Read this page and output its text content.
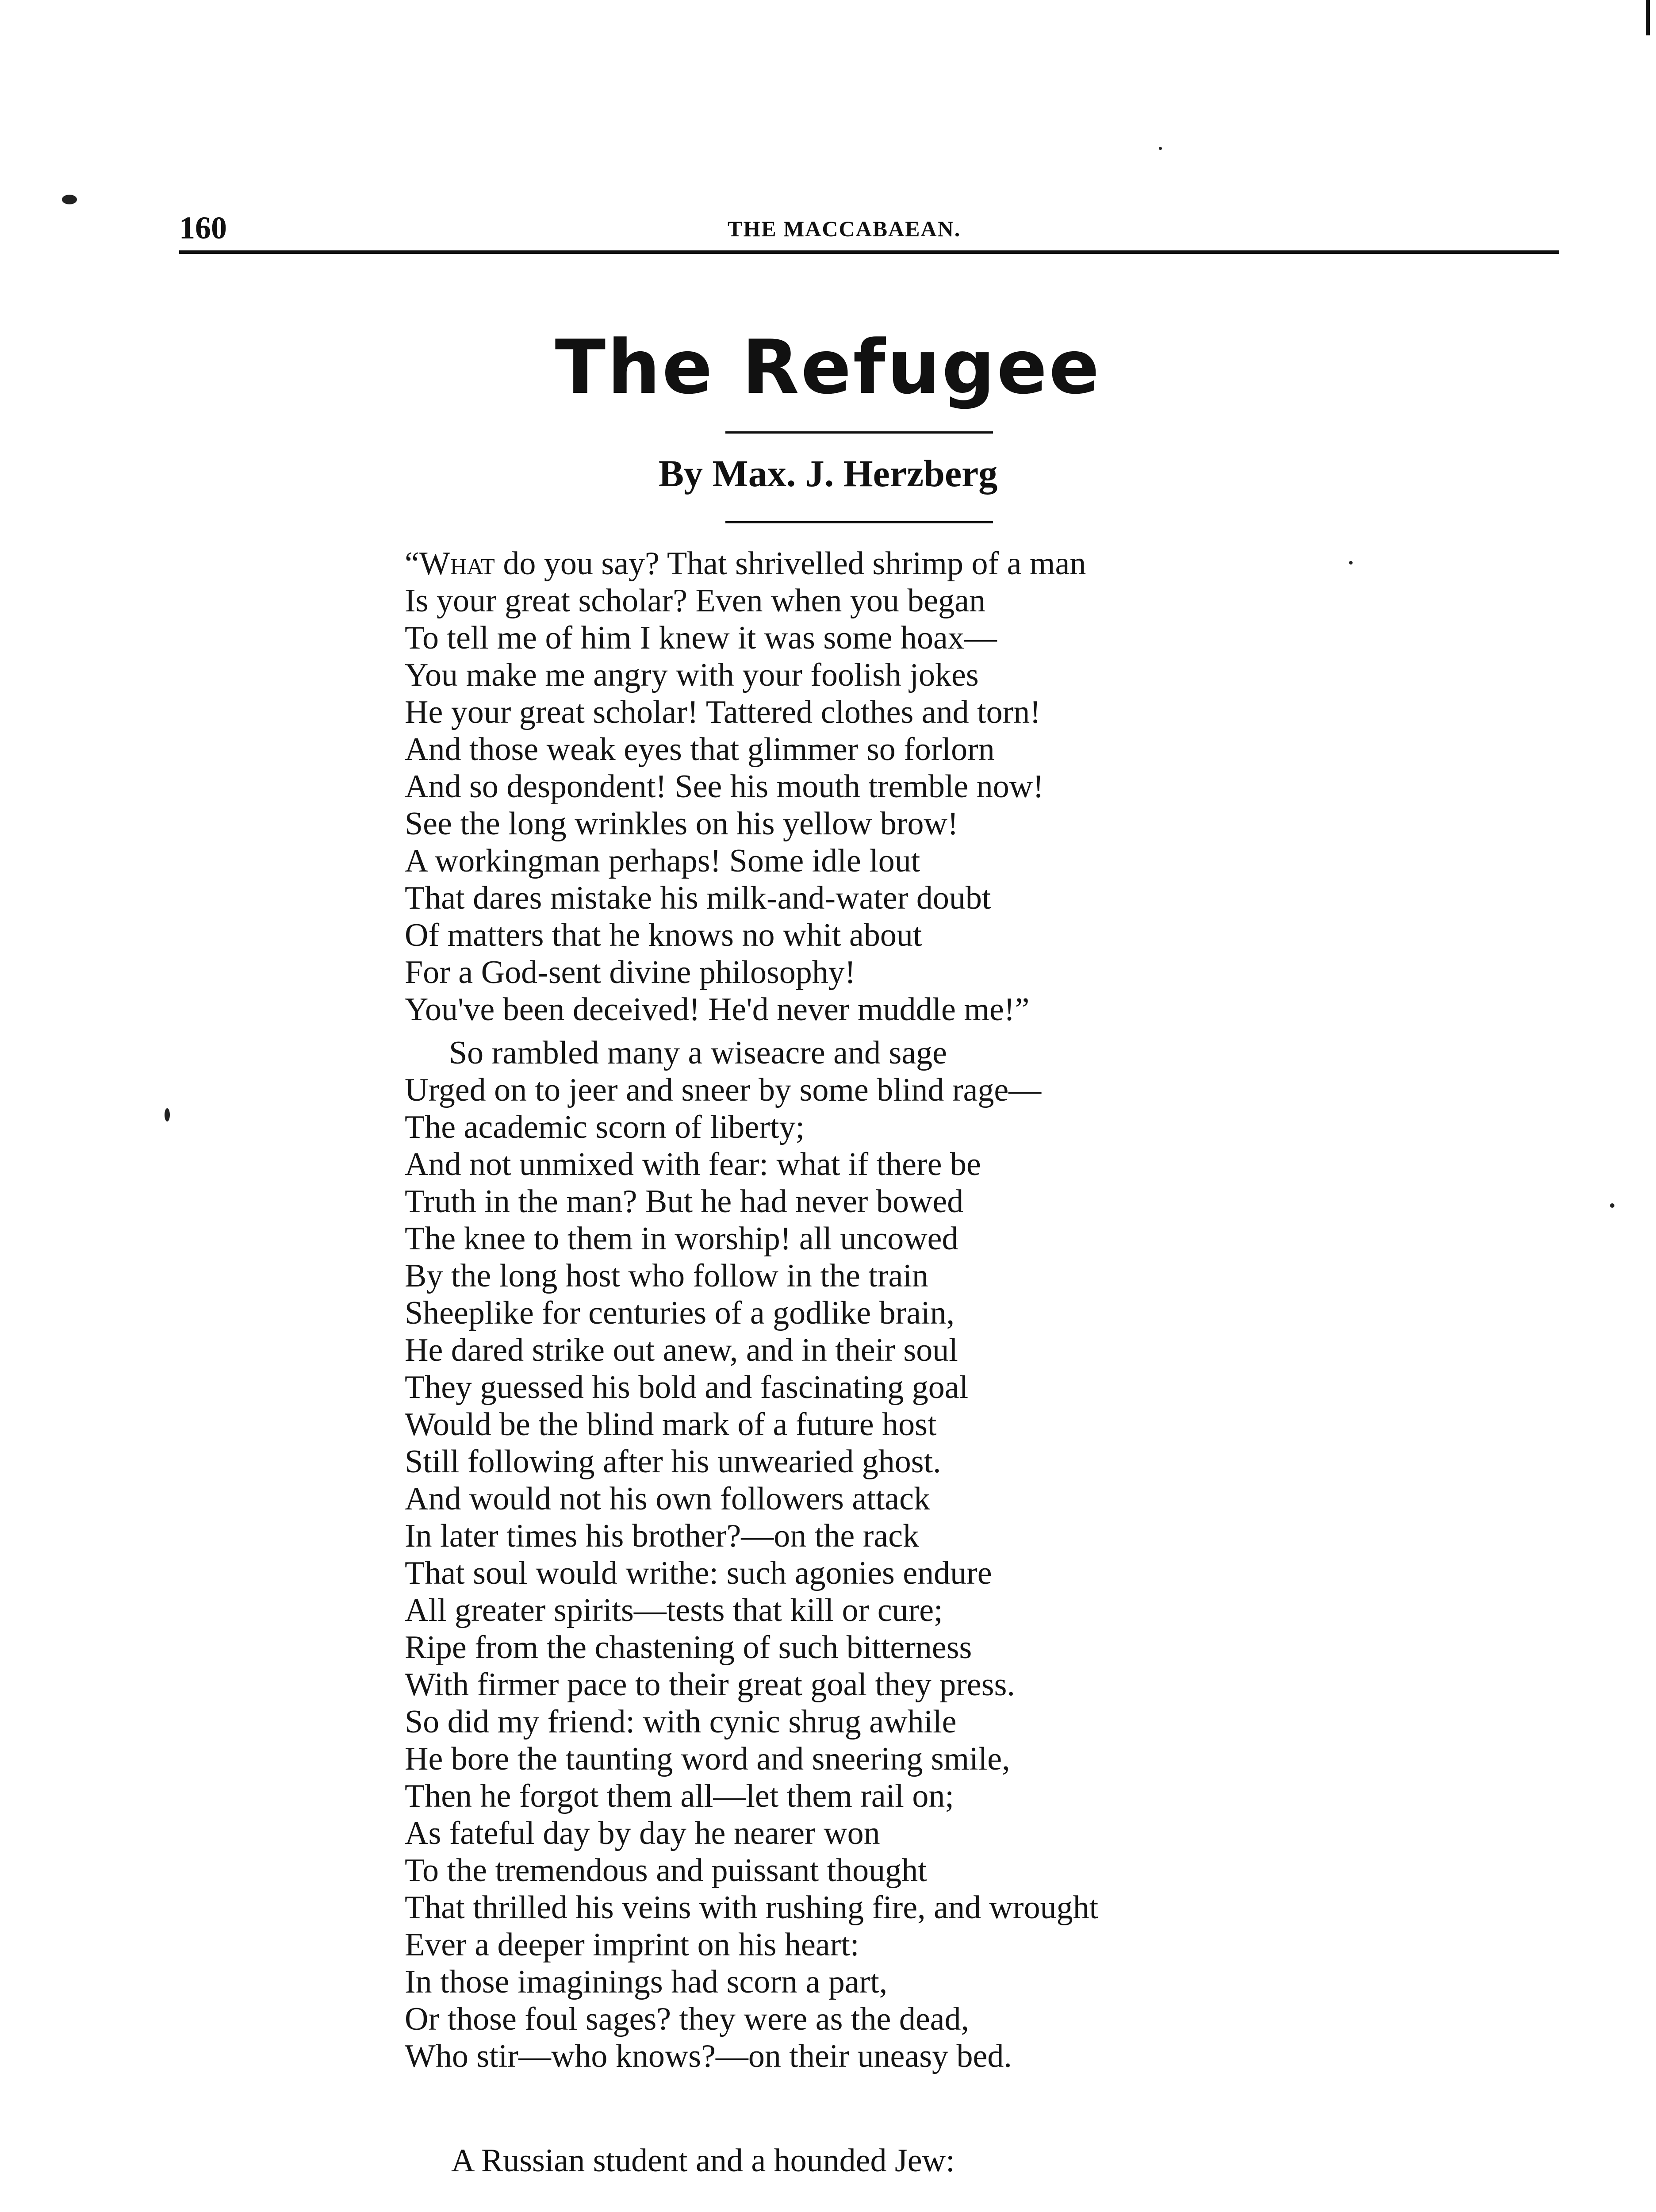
160	THE MACCABAEAN.
The Refugee
By Max. J. Herzberg
“What do you say? That shrivelled shrimp of a man
Is your great scholar? Even when you began
To tell me of him I knew it was some hoax—
You make me angry with your foolish jokes
He your great scholar! Tattered clothes and torn!
And those weak eyes that glimmer so forlorn
And so despondent! See his mouth tremble now!
See the long wrinkles on his yellow brow!
A workingman perhaps! Some idle lout
That dares mistake his milk-and-water doubt
Of matters that he knows no whit about
For a God-sent divine philosophy!
You've been deceived! He'd never muddle me!”
So rambled many a wiseacre and sage
Urged on to jeer and sneer by some blind rage—
The academic scorn of liberty;
And not unmixed with fear: what if there be
Truth in the man? But he had never bowed
The knee to them in worship! all uncowed
By the long host who follow in the train
Sheeplike for centuries of a godlike brain,
He dared strike out anew, and in their soul
They guessed his bold and fascinating goal
Would be the blind mark of a future host
Still following after his unwearied ghost.
And would not his own followers attack
In later times his brother?—on the rack
That soul would writhe: such agonies endure
All greater spirits—tests that kill or cure;
Ripe from the chastening of such bitterness
With firmer pace to their great goal they press.
So did my friend: with cynic shrug awhile
He bore the taunting word and sneering smile,
Then he forgot them all—let them rail on;
As fateful day by day he nearer won
To the tremendous and puissant thought
That thrilled his veins with rushing fire, and wrought
Ever a deeper imprint on his heart:
In those imaginings had scorn a part,
Or those foul sages? they were as the dead,
Who stir—who knows?—on their uneasy bed.
A Russian student and a hounded Jew:
